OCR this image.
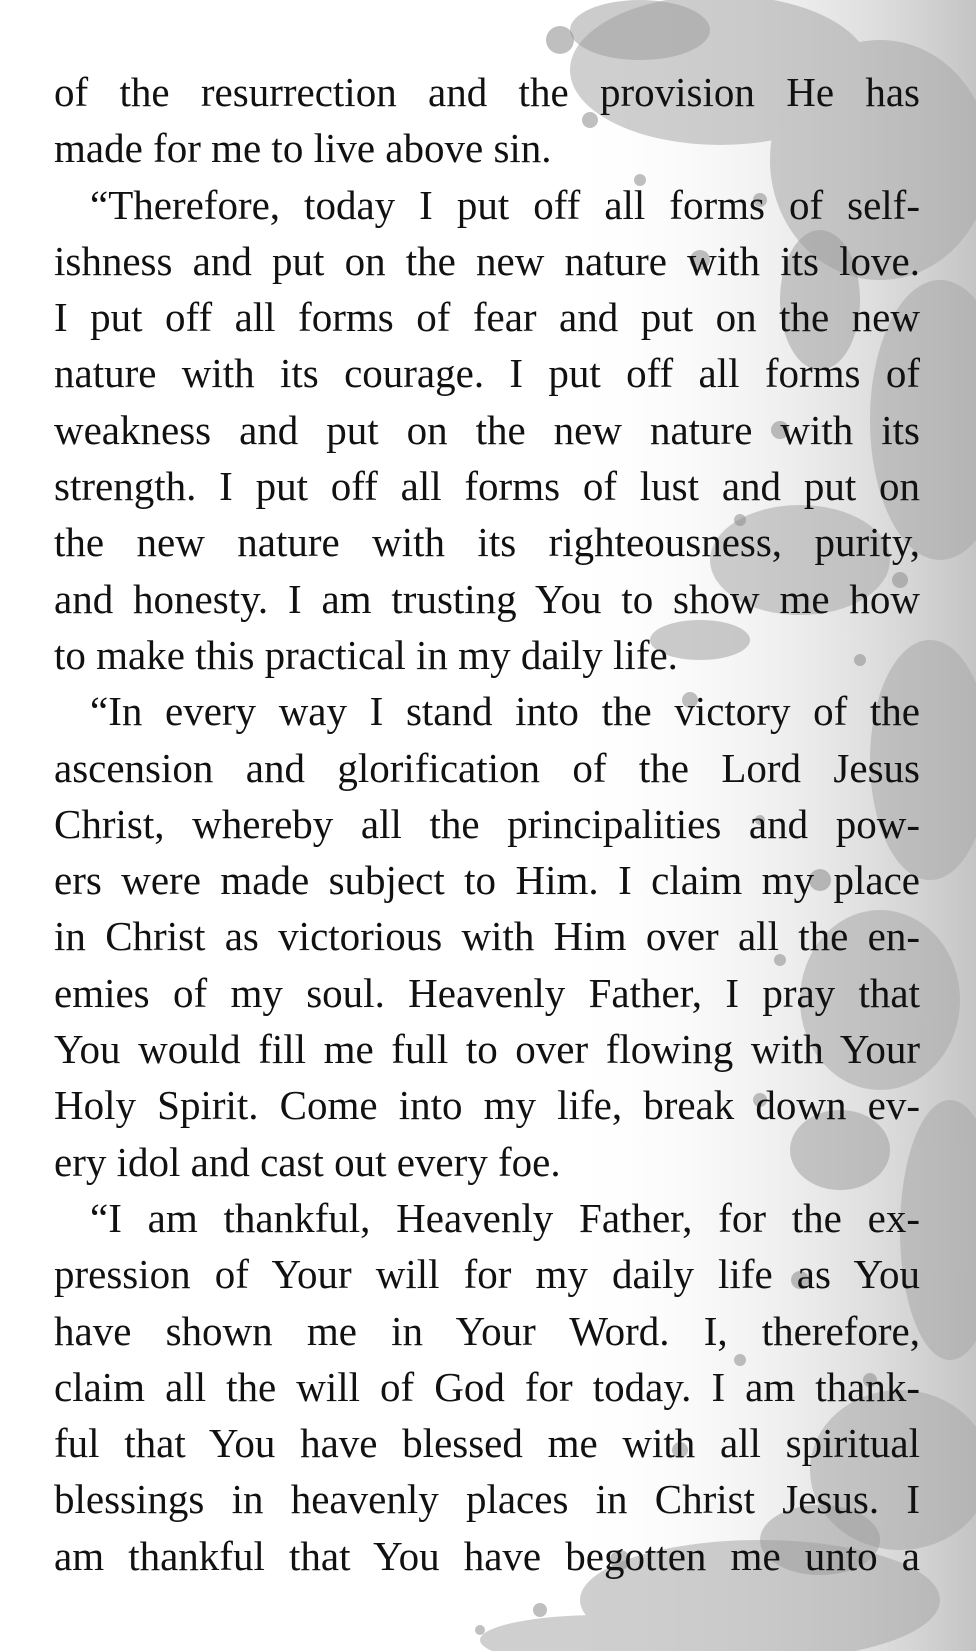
of the resurrection and the provision He has
made for me to live above sin.
“Therefore, today I put off all forms of self-
ishness and put on the new nature with its love.
I put off all forms of fear and put on the new
nature with its courage. I put off all forms of
weakness and put on the new nature with its
strength. I put off all forms of lust and put on
the new nature with its righteousness, purity,
and honesty. I am trusting You to show me how
to make this practical in my daily life.
“In every way I stand into the victory of the
ascension and glorification of the Lord Jesus
Christ, whereby all the principalities and pow-
ers were made subject to Him. I claim my place
in Christ as victorious with Him over all the en-
emies of my soul. Heavenly Father, I pray that
You would fill me full to over flowing with Your
Holy Spirit. Come into my life, break down ev-
ery idol and cast out every foe.
“I am thankful, Heavenly Father, for the ex-
pression of Your will for my daily life as You
have shown me in Your Word. I, therefore,
claim all the will of God for today. I am thank-
ful that You have blessed me with all spiritual
blessings in heavenly places in Christ Jesus. I
am thankful that You have begotten me unto a
